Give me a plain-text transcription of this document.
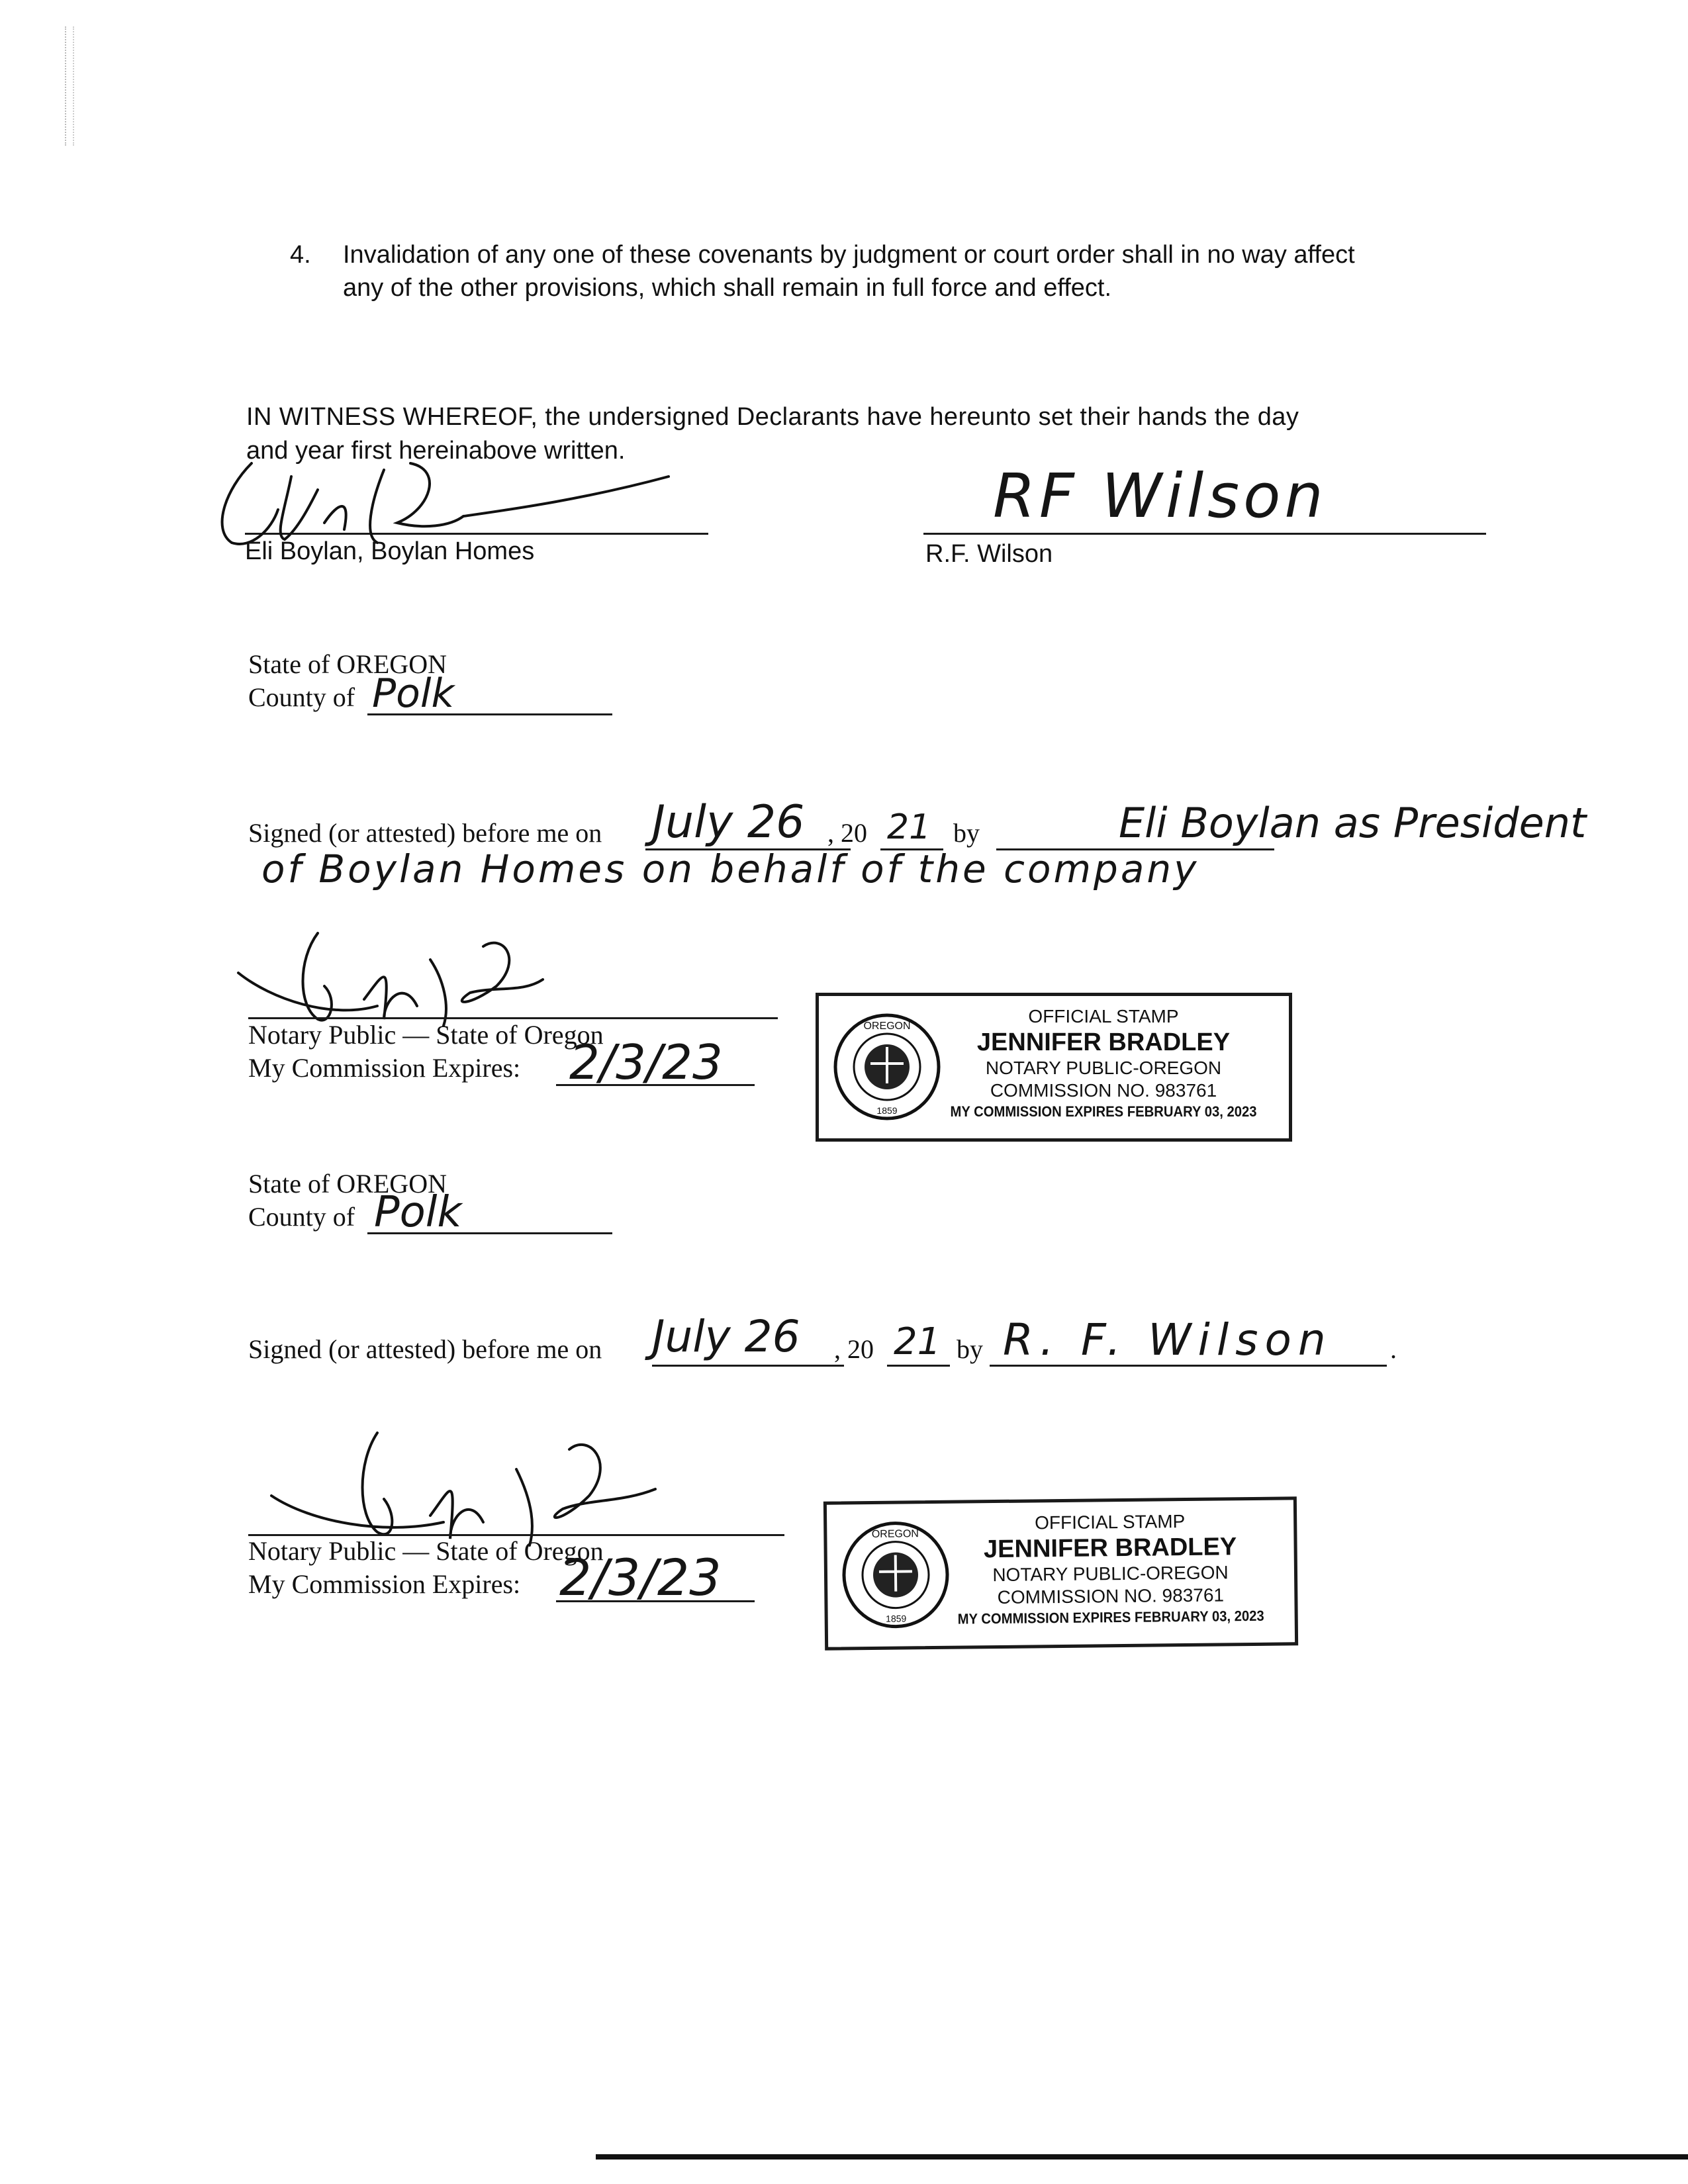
4. Invalidation of any one of these covenants by judgment or court order shall in no way affect
any of the other provisions, which shall remain in full force and effect.
IN WITNESS WHEREOF, the undersigned Declarants have hereunto set their hands the day
and year first hereinabove written.
Eli Boylan, Boylan Homes
RF Wilson
R.F. Wilson
State of OREGON
County of Polk
Signed (or attested) before me on July 26 , 20 21 by	Eli Boylan as President
of Boylan Homes on behalf of the company
Notary Public — State of Oregon
My Commission Expires: 2/3/23
OREGON
1859
OFFICIAL STAMP
JENNIFER BRADLEY
NOTARY PUBLIC-OREGON
COMMISSION NO. 983761
MY COMMISSION EXPIRES FEBRUARY 03, 2023
State of OREGON
County of Polk
Signed (or attested) before me on July 26 , 20 21 by R. F. Wilson .
Notary Public — State of Oregon
My Commission Expires: 2/3/23
OREGON
1859
OFFICIAL STAMP
JENNIFER BRADLEY
NOTARY PUBLIC-OREGON
COMMISSION NO. 983761
MY COMMISSION EXPIRES FEBRUARY 03, 2023
